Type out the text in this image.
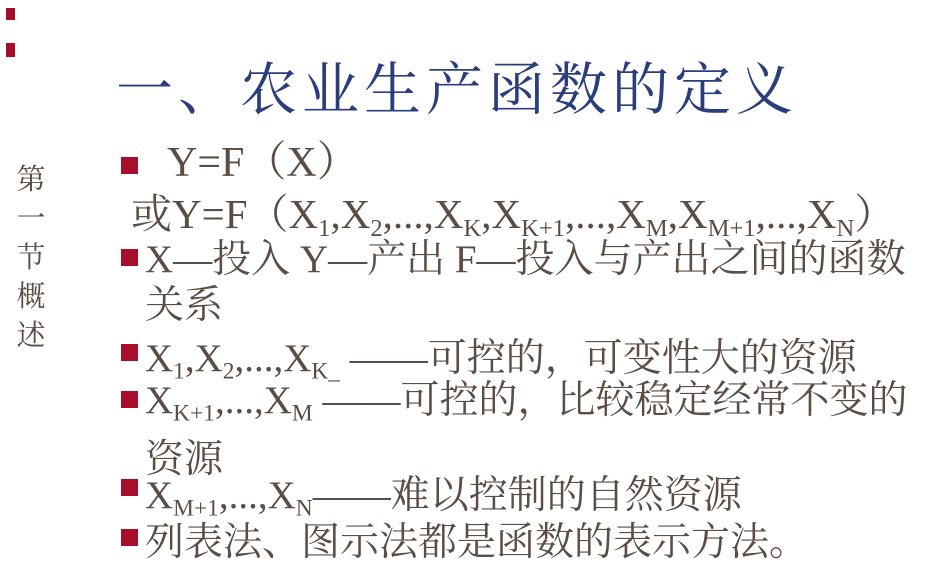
第一节概述
一、农业生产函数的定义
Y=F（X）
或$Y=F(X_1,X_2,...,X_K,X_{K+1},...,X_M,X_{M+1},...,X_N)$
X—投入 Y—产出 F—投入与产出之间的函数
关系
$X_1,X_2,...,X_{K\_}$ ——可控的，可变性大的资源
$X_{K+1},...,X_M$ ——可控的，比较稳定经常不变的
资源
$X_{M+1},...,X_N——$难以控制的自然资源
列表法、图示法都是函数的表示方法。
